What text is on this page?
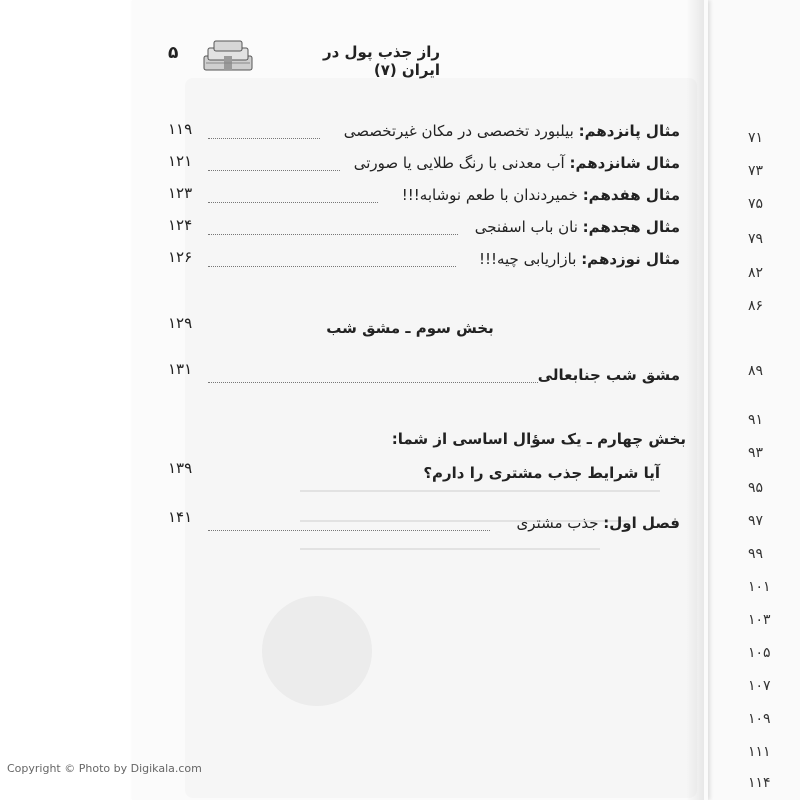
۷۱
۷۳
۷۵
۷۹
۸۲
۸۶
۸۹
۹۱
۹۳
۹۵
۹۷
۹۹
۱۰۱
۱۰۳
۱۰۵
۱۰۷
۱۰۹
۱۱۱
۱۱۴
راز جذب پول در ایران (۷)
۵
مثال پانزدهم: بیلبورد تخصصی در مکان غیرتخصصی
۱۱۹
مثال شانزدهم: آب معدنی با رنگ طلایی یا صورتی
۱۲۱
مثال هفدهم: خمیردندان با طعم نوشابه!!!
۱۲۳
مثال هجدهم: نان باب اسفنجی
۱۲۴
مثال نوزدهم: بازاریابی چیه!!!
۱۲۶
بخش سوم ـ مشق شب
۱۲۹
مشق شب جنابعالی
۱۳۱
بخش چهارم ـ یک سؤال اساسی از شما:
آیا شرایط جذب مشتری را دارم؟
۱۳۹
فصل اول: جذب مشتری
۱۴۱
Copyright © Photo by Digikala.com
